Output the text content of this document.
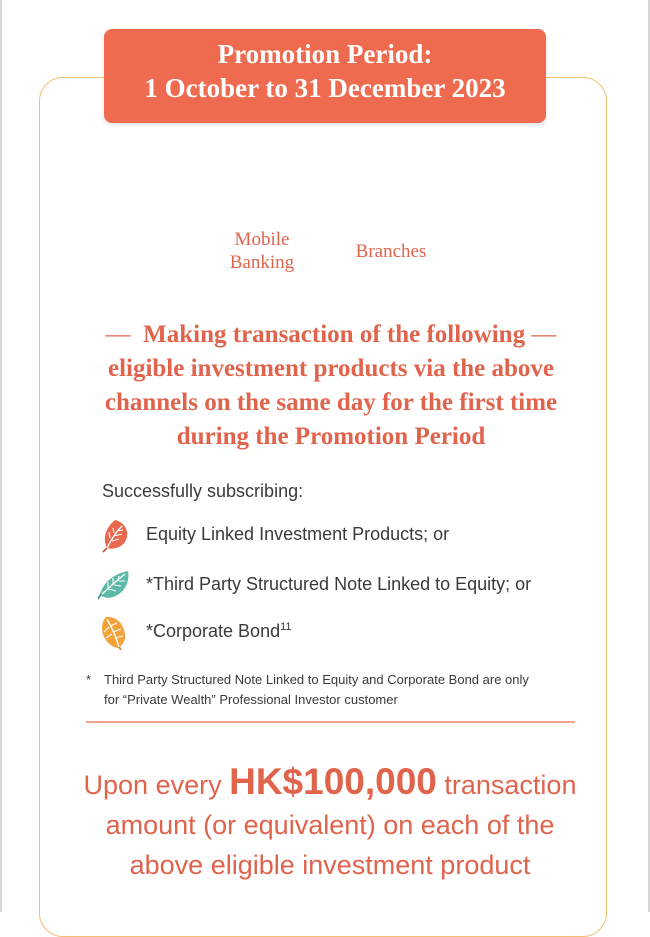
Promotion Period:
1 October to 31 December 2023
Mobile
Banking
Branches
— Making transaction of the following —
eligible investment products via the above
channels on the same day for the first time
during the Promotion Period
Successfully subscribing:
Equity Linked Investment Products; or
*Third Party Structured Note Linked to Equity; or
*Corporate Bond$^{11}$
* Third Party Structured Note Linked to Equity and Corporate Bond are only
for “Private Wealth” Professional Investor customer
Upon every HK$100,000 transaction
amount (or equivalent) on each of the
above eligible investment product
